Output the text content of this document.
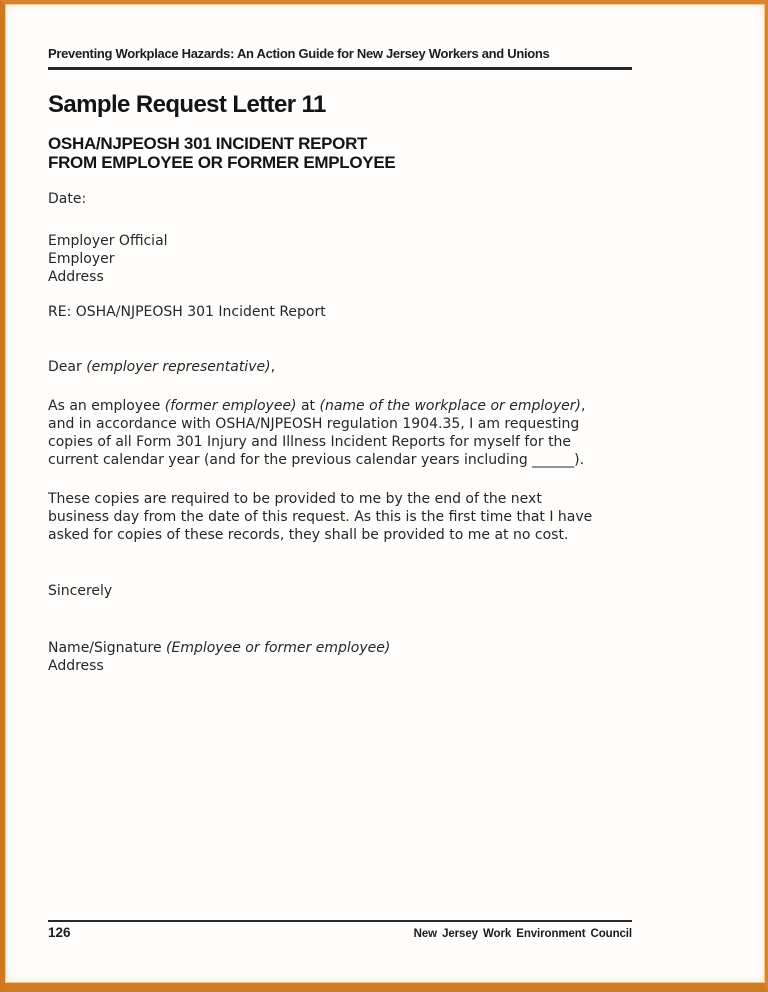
Preventing Workplace Hazards: An Action Guide for New Jersey Workers and Unions
Sample Request Letter 11
OSHA/NJPEOSH 301 INCIDENT REPORT
FROM EMPLOYEE OR FORMER EMPLOYEE
Date:
Employer Official
Employer
Address
RE: OSHA/NJPEOSH 301 Incident Report
Dear (employer representative),
As an employee (former employee) at (name of the workplace or employer),
and in accordance with OSHA/NJPEOSH regulation 1904.35, I am requesting
copies of all Form 301 Injury and Illness Incident Reports for myself for the
current calendar year (and for the previous calendar years including ______).
These copies are required to be provided to me by the end of the next
business day from the date of this request. As this is the first time that I have
asked for copies of these records, they shall be provided to me at no cost.
Sincerely
Name/Signature (Employee or former employee)
Address
126	New Jersey Work Environment Council
